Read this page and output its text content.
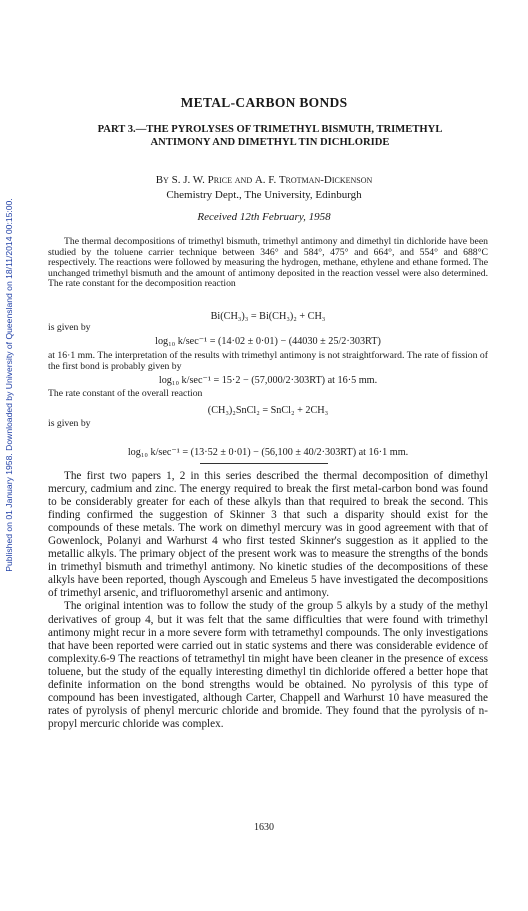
Published on 01 January 1958. Downloaded by University of Queensland on 18/11/2014 00:15:00.
METAL-CARBON BONDS
PART 3.—THE PYROLYSES OF TRIMETHYL BISMUTH, TRIMETHYL
ANTIMONY AND DIMETHYL TIN DICHLORIDE
By S. J. W. Price and A. F. Trotman-Dickenson
Chemistry Dept., The University, Edinburgh
Received 12th February, 1958

The thermal decompositions of trimethyl bismuth, trimethyl antimony and dimethyl tin dichloride have been studied by the toluene carrier technique between 346° and 584°, 475° and 664°, and 554° and 688°C respectively. The reactions were followed by measuring the hydrogen, methane, ethylene and ethane formed. The unchanged trimethyl bismuth and the amount of antimony deposited in the reaction vessel were also determined. The rate constant for the decomposition reaction

Bi(CH₃)₃ = Bi(CH₃)₂ + CH₃
is given by
log₁₀ k/sec⁻¹ = (14·02 ± 0·01) − (44030 ± 25/2·303RT)

at 16·1 mm. The interpretation of the results with trimethyl antimony is not straightforward. The rate of fission of the first bond is probably given by

log₁₀ k/sec⁻¹ = 15·2 − (57,000/2·303RT) at 16·5 mm.
The rate constant of the overall reaction
(CH₃)₂SnCl₂ = SnCl₂ + 2CH₃
is given by
log₁₀ k/sec⁻¹ = (13·52 ± 0·01) − (56,100 ± 40/2·303RT) at 16·1 mm.

The first two papers 1, 2 in this series described the thermal decomposition of dimethyl mercury, cadmium and zinc. The energy required to break the first metal-carbon bond was found to be considerably greater for each of these alkyls than that required to break the second. This finding confirmed the suggestion of Skinner 3 that such a disparity should exist for the compounds of these metals. The work on dimethyl mercury was in good agreement with that of Gowenlock, Polanyi and Warhurst 4 who first tested Skinner's suggestion as it applied to the metallic alkyls. The primary object of the present work was to measure the strengths of the bonds in trimethyl bismuth and trimethyl antimony. No kinetic studies of the decompositions of these alkyls have been reported, though Ayscough and Emeleus 5 have investigated the decompositions of trimethyl arsenic, and trifluoromethyl arsenic and antimony.

The original intention was to follow the study of the group 5 alkyls by a study of the methyl derivatives of group 4, but it was felt that the same difficulties that were found with trimethyl antimony might recur in a more severe form with tetramethyl compounds. The only investigations that have been reported were carried out in static systems and there was considerable evidence of complexity.6-9 The reactions of tetramethyl tin might have been cleaner in the presence of excess toluene, but the study of the equally interesting dimethyl tin dichloride offered a better hope that definite information on the bond strengths would be obtained. No pyrolysis of this type of compound has been investigated, although Carter, Chappell and Warhurst 10 have measured the rates of pyrolysis of phenyl mercuric chloride and bromide. They found that the pyrolysis of n-propyl mercuric chloride was complex.

1630
